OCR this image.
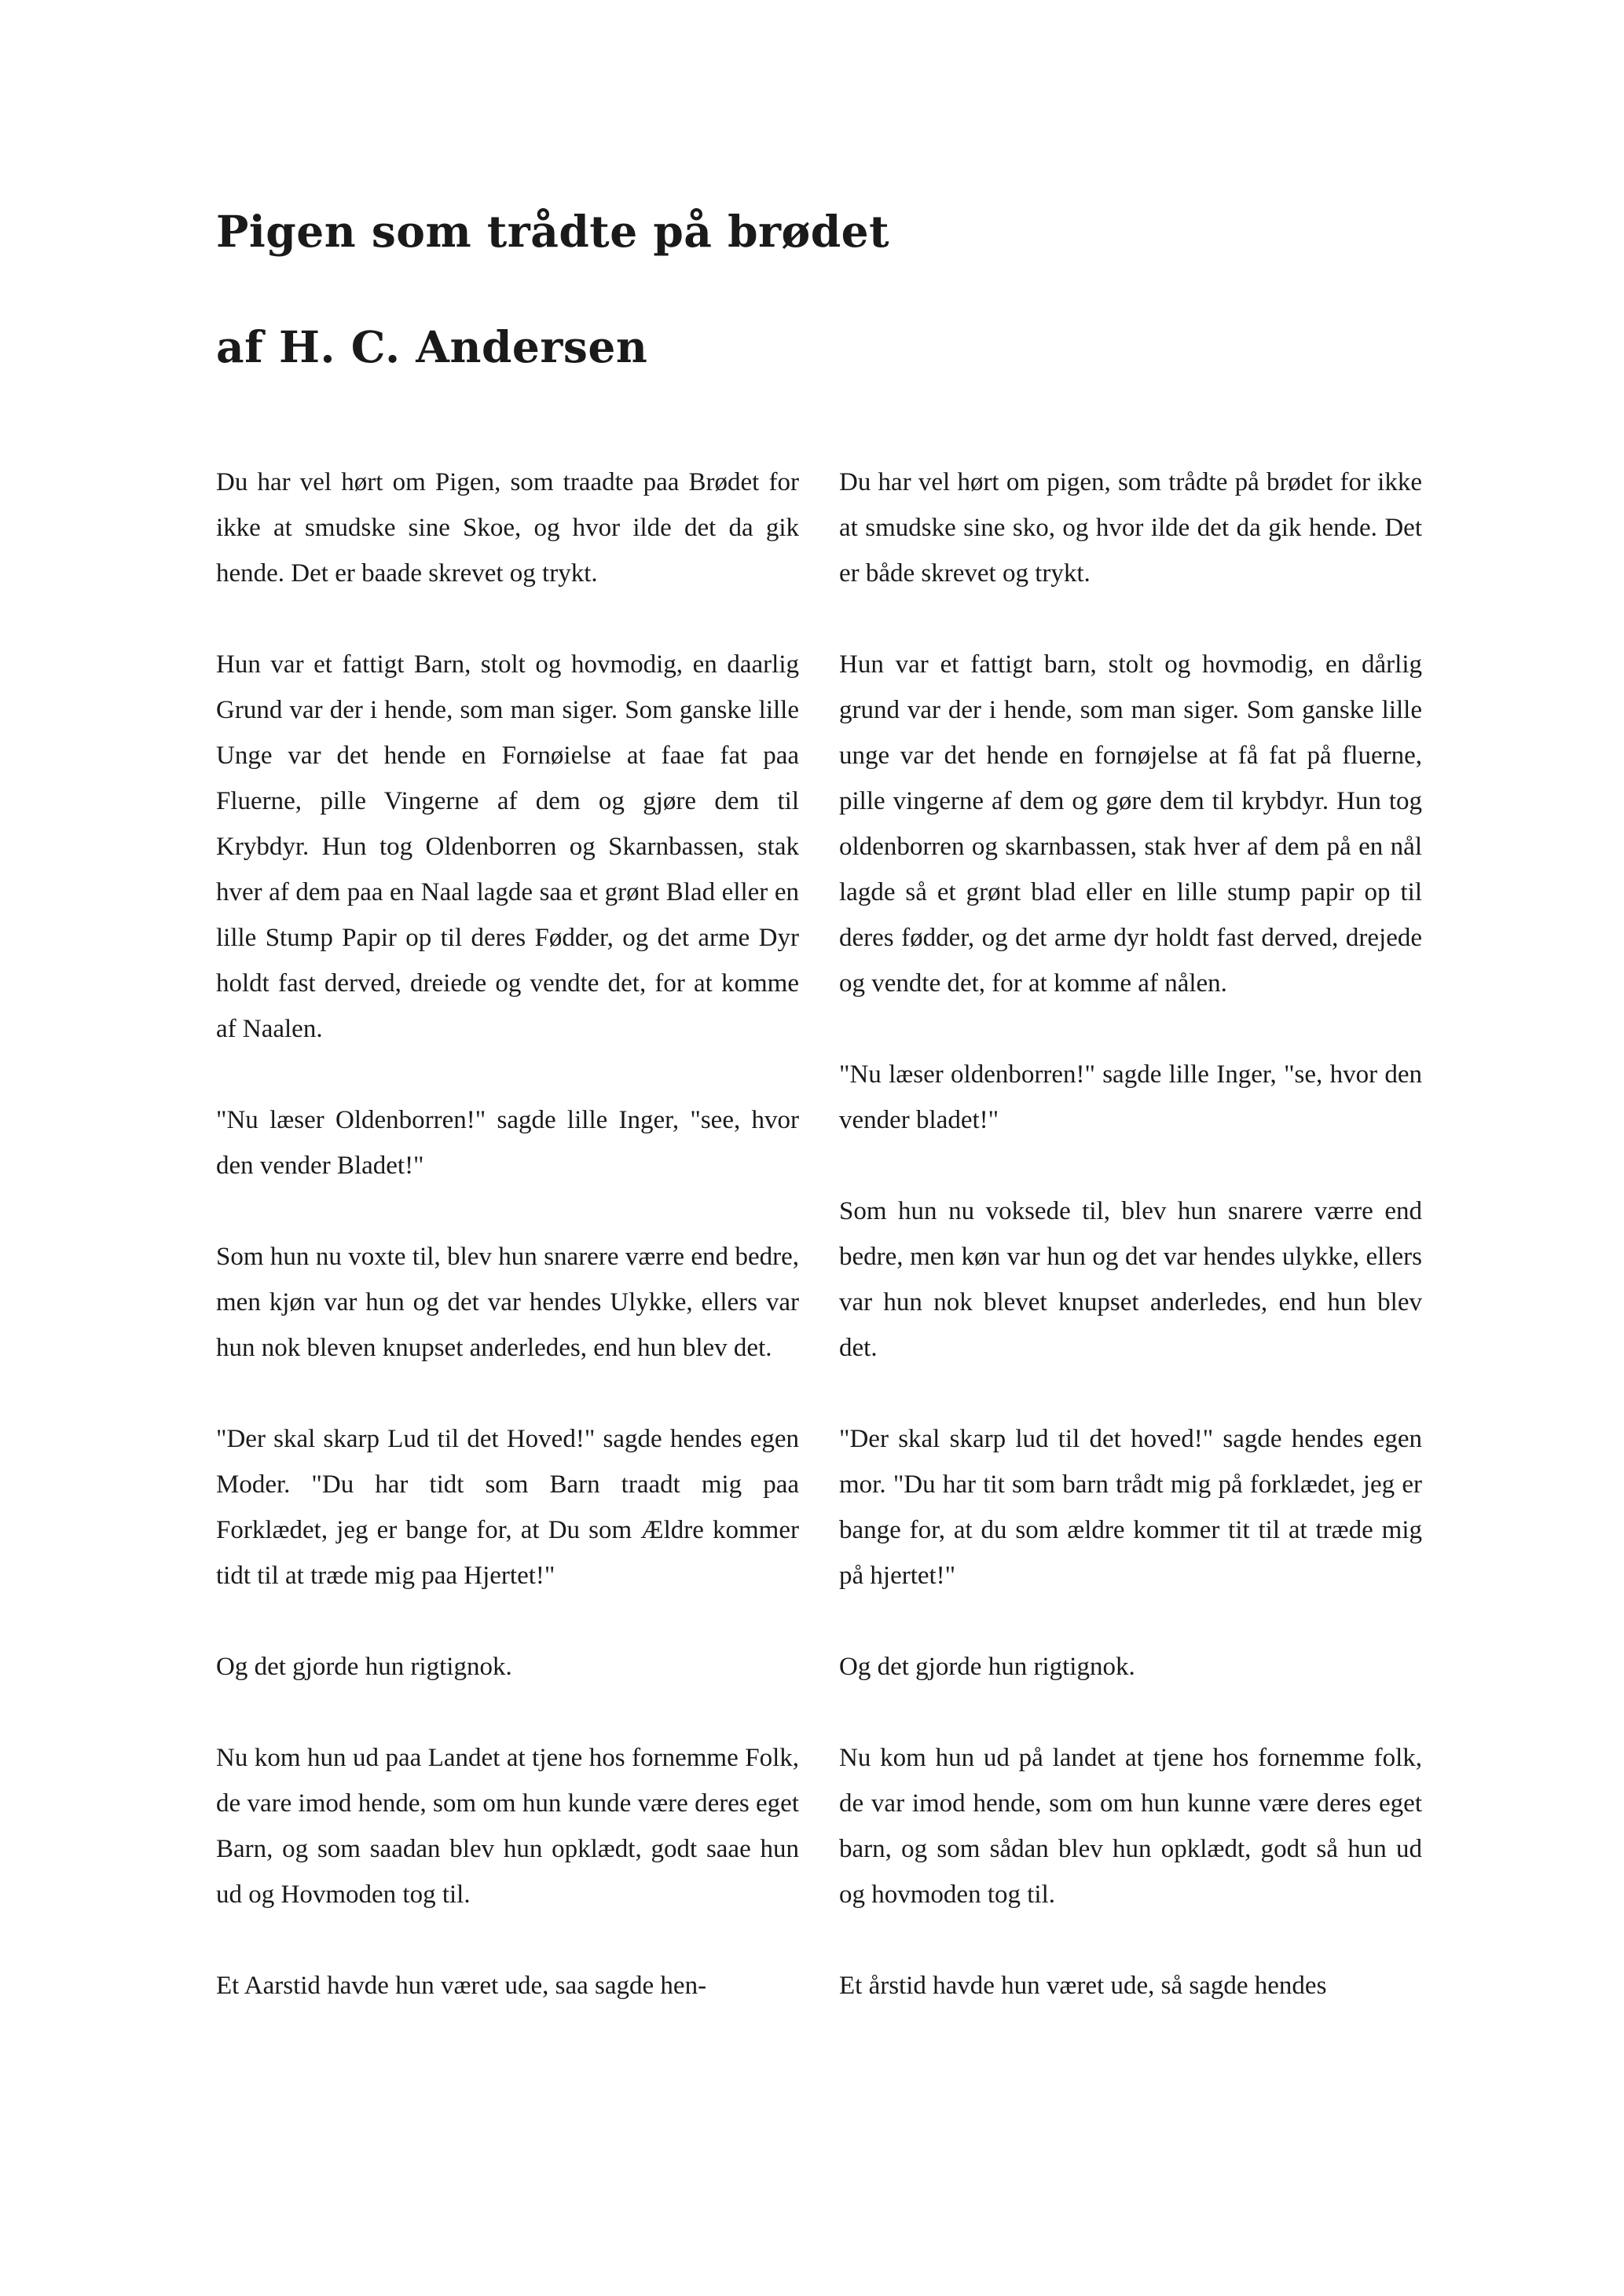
Pigen som trådte på brødet
af H. C. Andersen

Du har vel hørt om Pigen, som traadte paa Brødet for ikke at smudske sine Skoe, og hvor ilde det da gik hende. Det er baade skrevet og trykt.

Hun var et fattigt Barn, stolt og hovmodig, en daarlig Grund var der i hende, som man siger. Som ganske lille Unge var det hende en Fornøielse at faae fat paa Fluerne, pille Vingerne af dem og gjøre dem til Krybdyr. Hun tog Oldenborren og Skarnbassen, stak hver af dem paa en Naal lagde saa et grønt Blad eller en lille Stump Papir op til deres Fødder, og det arme Dyr holdt fast derved, dreiede og vendte det, for at komme af Naalen.

"Nu læser Oldenborren!" sagde lille Inger, "see, hvor den vender Bladet!"

Som hun nu voxte til, blev hun snarere værre end bedre, men kjøn var hun og det var hendes Ulykke, ellers var hun nok bleven knupset anderledes, end hun blev det.

"Der skal skarp Lud til det Hoved!" sagde hendes egen Moder. "Du har tidt som Barn traadt mig paa Forklædet, jeg er bange for, at Du som Ældre kommer tidt til at træde mig paa Hjertet!"

Og det gjorde hun rigtignok.

Nu kom hun ud paa Landet at tjene hos fornemme Folk, de vare imod hende, som om hun kunde være deres eget Barn, og som saadan blev hun opklædt, godt saae hun ud og Hovmoden tog til.

Et Aarstid havde hun været ude, saa sagde hen-

Du har vel hørt om pigen, som trådte på brødet for ikke at smudske sine sko, og hvor ilde det da gik hende. Det er både skrevet og trykt.

Hun var et fattigt barn, stolt og hovmodig, en dårlig grund var der i hende, som man siger. Som ganske lille unge var det hende en fornøjelse at få fat på fluerne, pille vingerne af dem og gøre dem til krybdyr. Hun tog oldenborren og skarnbassen, stak hver af dem på en nål lagde så et grønt blad eller en lille stump papir op til deres fødder, og det arme dyr holdt fast derved, drejede og vendte det, for at komme af nålen.

"Nu læser oldenborren!" sagde lille Inger, "se, hvor den vender bladet!"

Som hun nu voksede til, blev hun snarere værre end bedre, men køn var hun og det var hendes ulykke, ellers var hun nok blevet knupset anderledes, end hun blev det.

"Der skal skarp lud til det hoved!" sagde hendes egen mor. "Du har tit som barn trådt mig på forklædet, jeg er bange for, at du som ældre kommer tit til at træde mig på hjertet!"

Og det gjorde hun rigtignok.

Nu kom hun ud på landet at tjene hos fornemme folk, de var imod hende, som om hun kunne være deres eget barn, og som sådan blev hun opklædt, godt så hun ud og hovmoden tog til.

Et årstid havde hun været ude, så sagde hendes
